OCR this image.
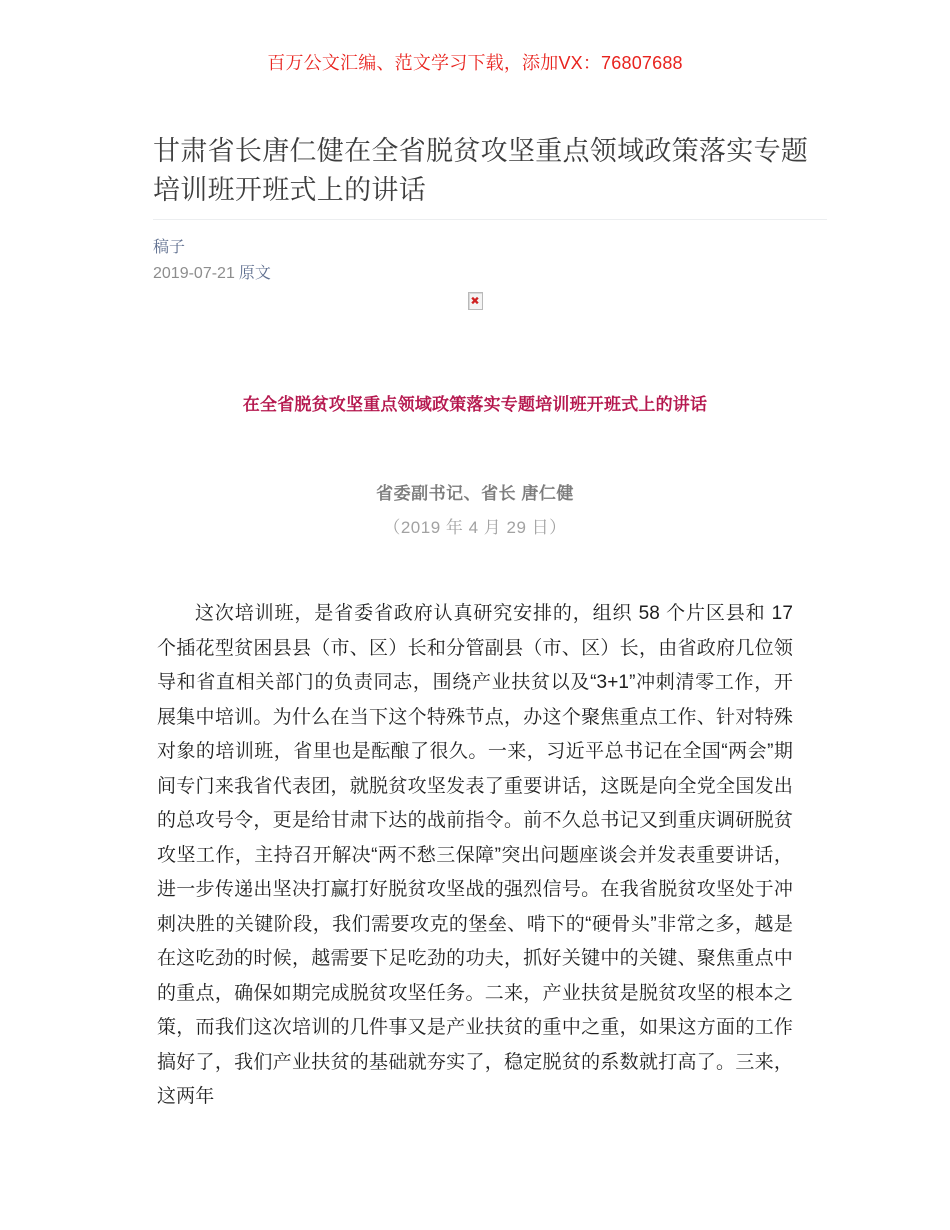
百万公文汇编、范文学习下载，添加VX：76807688
甘肃省长唐仁健在全省脱贫攻坚重点领域政策落实专题培训班开班式上的讲话
稿子
2019-07-21 原文
✖
在全省脱贫攻坚重点领域政策落实专题培训班开班式上的讲话

省委副书记、省长 唐仁健

（2019 年 4 月 29 日）

这次培训班，是省委省政府认真研究安排的，组织 58 个片区县和 17 个插花型贫困县县（市、区）长和分管副县（市、区）长，由省政府几位领导和省直相关部门的负责同志，围绕产业扶贫以及“3+1”冲刺清零工作，开展集中培训。为什么在当下这个特殊节点，办这个聚焦重点工作、针对特殊对象的培训班，省里也是酝酿了很久。一来，习近平总书记在全国“两会”期间专门来我省代表团，就脱贫攻坚发表了重要讲话，这既是向全党全国发出的总攻号令，更是给甘肃下达的战前指令。前不久总书记又到重庆调研脱贫攻坚工作，主持召开解决“两不愁三保障”突出问题座谈会并发表重要讲话，进一步传递出坚决打赢打好脱贫攻坚战的强烈信号。在我省脱贫攻坚处于冲刺决胜的关键阶段，我们需要攻克的堡垒、啃下的“硬骨头”非常之多，越是在这吃劲的时候，越需要下足吃劲的功夫，抓好关键中的关键、聚焦重点中的重点，确保如期完成脱贫攻坚任务。二来，产业扶贫是脱贫攻坚的根本之策，而我们这次培训的几件事又是产业扶贫的重中之重，如果这方面的工作搞好了，我们产业扶贫的基础就夯实了，稳定脱贫的系数就打高了。三来，这两年
